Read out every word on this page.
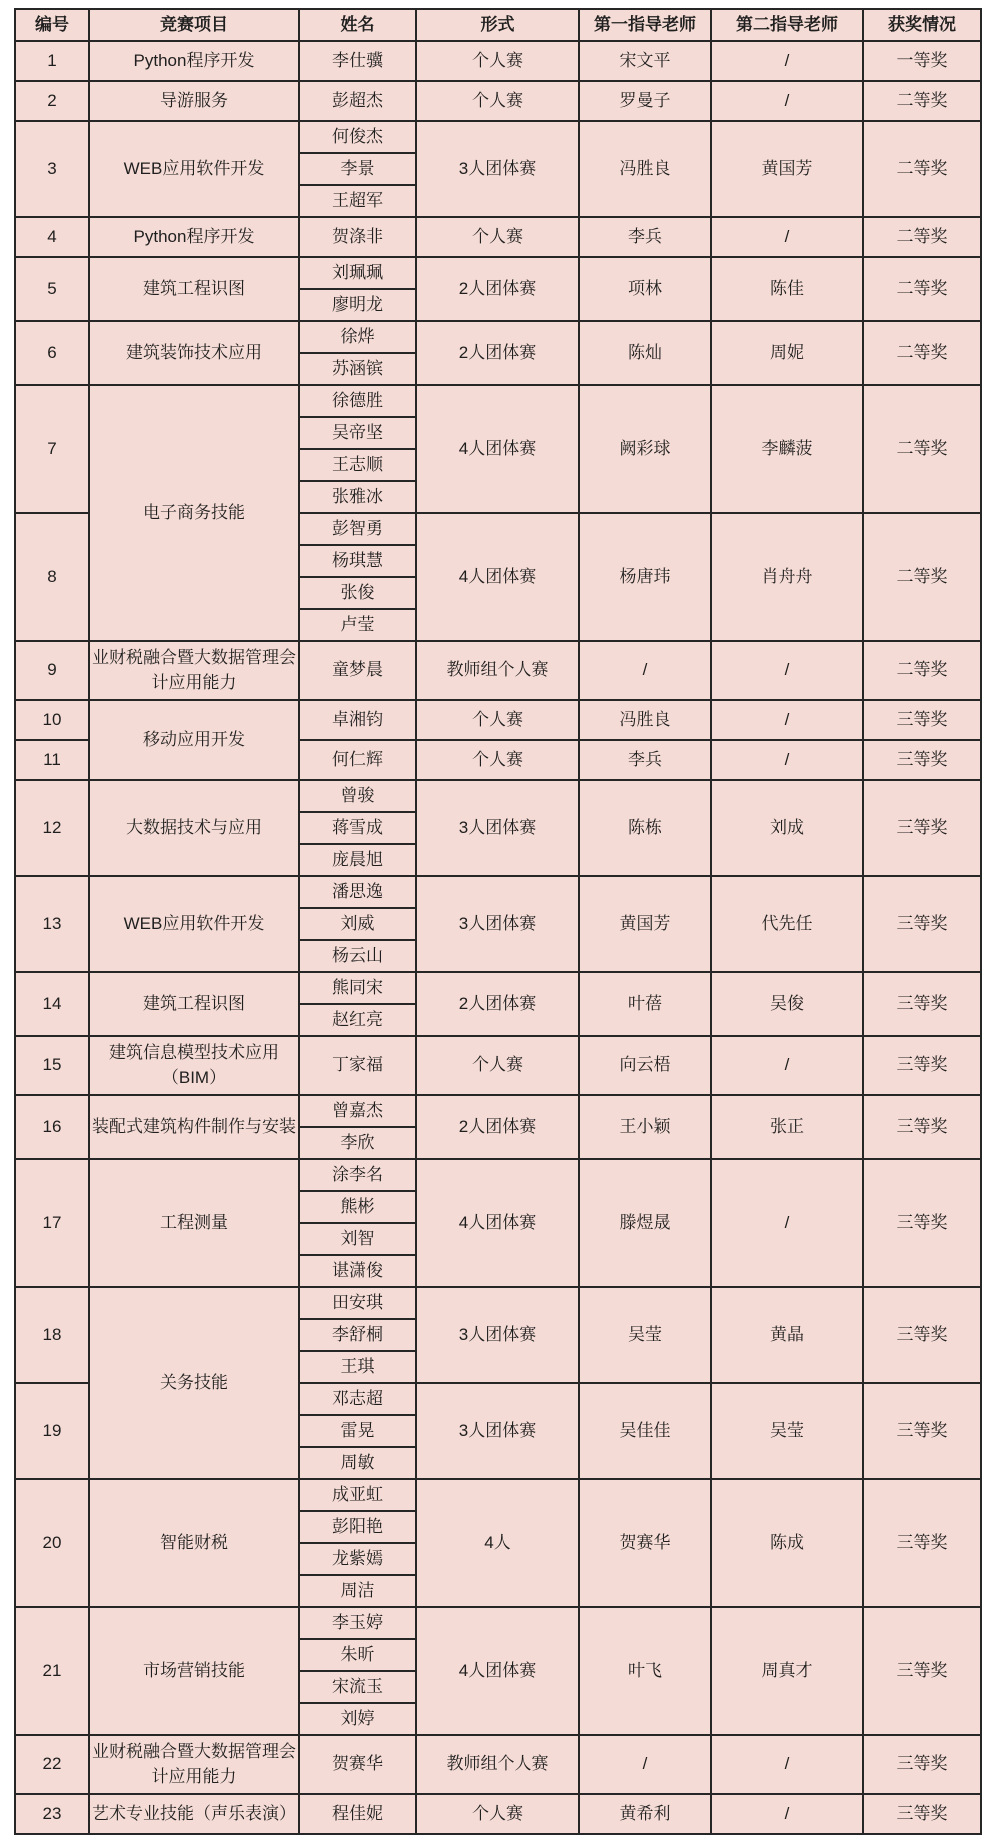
编号	竞赛项目	姓名	形式	第一指导老师	第二指导老师	获奖情况
1	Python程序开发	李仕骥	个人赛	宋文平	/	一等奖
2	导游服务	彭超杰	个人赛	罗曼子	/	二等奖
3	WEB应用软件开发	何俊杰	3人团体赛	冯胜良	黄国芳	二等奖
		李景				
		王超军				
4	Python程序开发	贺涤非	个人赛	李兵	/	二等奖
5	建筑工程识图	刘珮珮	2人团体赛	项林	陈佳	二等奖
		廖明龙				
6	建筑装饰技术应用	徐烨	2人团体赛	陈灿	周妮	二等奖
		苏涵镔				
7	电子商务技能	徐德胜	4人团体赛	阙彩球	李麟菠	二等奖
		吴帝坚				
		王志顺				
		张雅冰				
8		彭智勇	4人团体赛	杨唐玮	肖舟舟	二等奖
		杨琪慧				
		张俊				
		卢莹				
9	业财税融合暨大数据管理会计应用能力	童梦晨	教师组个人赛	/	/	二等奖
10	移动应用开发	卓湘钧	个人赛	冯胜良	/	三等奖
11		何仁辉	个人赛	李兵	/	三等奖
12	大数据技术与应用	曾骏	3人团体赛	陈栋	刘成	三等奖
		蒋雪成				
		庞晨旭				
13	WEB应用软件开发	潘思逸	3人团体赛	黄国芳	代先任	三等奖
		刘威				
		杨云山				
14	建筑工程识图	熊同宋	2人团体赛	叶蓓	吴俊	三等奖
		赵红亮				
15	建筑信息模型技术应用（BIM）	丁家福	个人赛	向云梧	/	三等奖
16	装配式建筑构件制作与安装	曾嘉杰	2人团体赛	王小颖	张正	三等奖
		李欣				
17	工程测量	涂李名	4人团体赛	滕煜晟	/	三等奖
		熊彬				
		刘智				
		谌潇俊				
18	关务技能	田安琪	3人团体赛	吴莹	黄晶	三等奖
		李舒桐				
		王琪				
19		邓志超	3人团体赛	吴佳佳	吴莹	三等奖
		雷晃				
		周敏				
20	智能财税	成亚虹	4人	贺赛华	陈成	三等奖
		彭阳艳				
		龙紫嫣				
		周洁				
21	市场营销技能	李玉婷	4人团体赛	叶飞	周真才	三等奖
		朱昕				
		宋流玉				
		刘婷				
22	业财税融合暨大数据管理会计应用能力	贺赛华	教师组个人赛	/	/	三等奖
23	艺术专业技能（声乐表演）	程佳妮	个人赛	黄希利	/	三等奖
